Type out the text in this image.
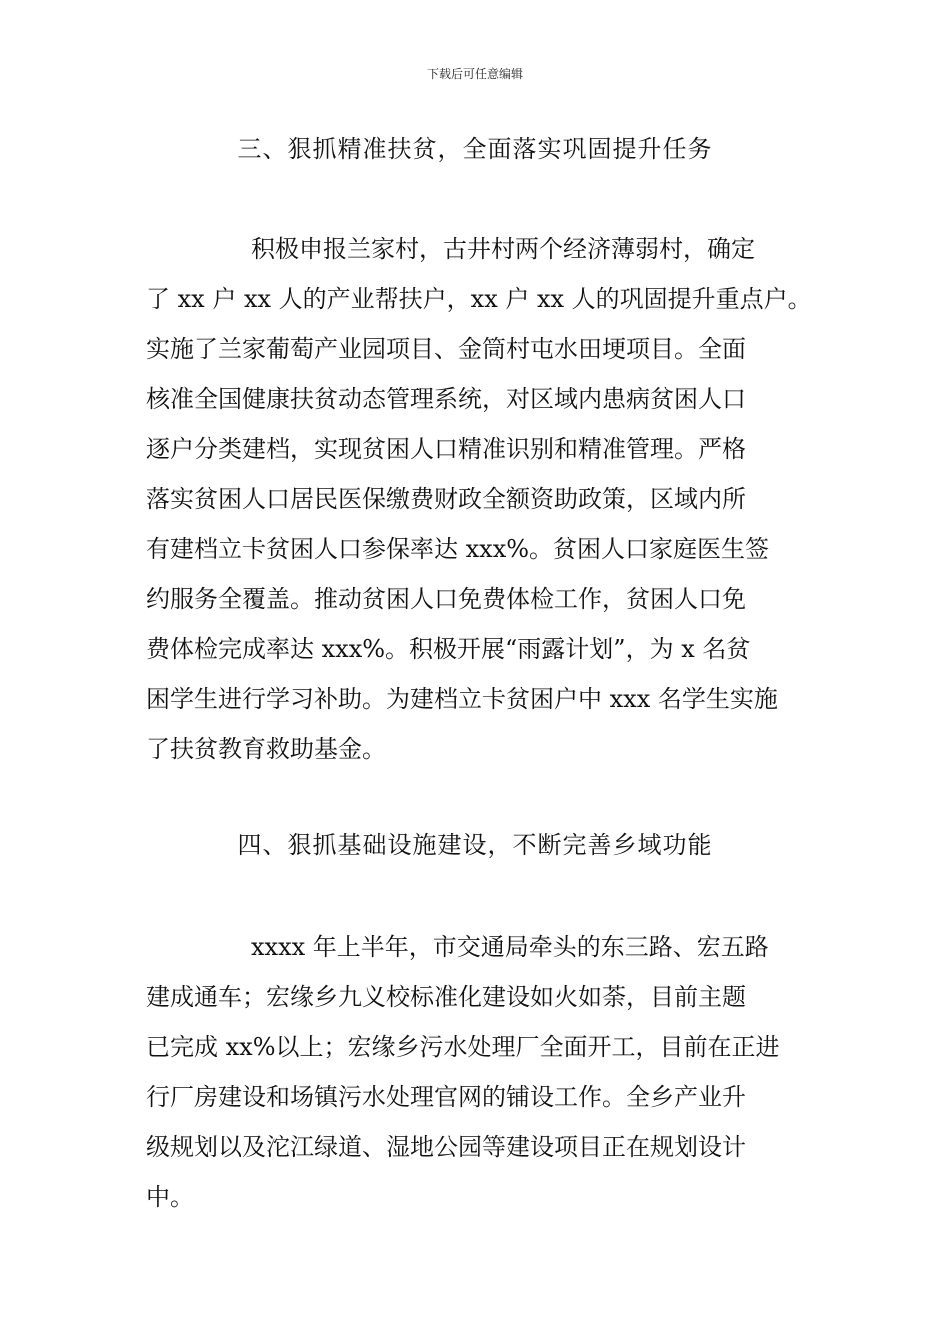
下载后可任意编辑
三、狠抓精准扶贫，全面落实巩固提升任务
积极申报兰家村，古井村两个经济薄弱村，确定
了 xx 户 xx 人的产业帮扶户，xx 户 xx 人的巩固提升重点户。
实施了兰家葡萄产业园项目、金筒村屯水田埂项目。全面
核准全国健康扶贫动态管理系统，对区域内患病贫困人口
逐户分类建档，实现贫困人口精准识别和精准管理。严格
落实贫困人口居民医保缴费财政全额资助政策，区域内所
有建档立卡贫困人口参保率达 xxx%。贫困人口家庭医生签
约服务全覆盖。推动贫困人口免费体检工作，贫困人口免
费体检完成率达 xxx%。积极开展“雨露计划”，为 x 名贫
困学生进行学习补助。为建档立卡贫困户中 xxx 名学生实施
了扶贫教育救助基金。
四、狠抓基础设施建设，不断完善乡域功能
xxxx 年上半年，市交通局牵头的东三路、宏五路
建成通车；宏缘乡九义校标准化建设如火如荼，目前主题
已完成 xx%以上；宏缘乡污水处理厂全面开工，目前在正进
行厂房建设和场镇污水处理官网的铺设工作。全乡产业升
级规划以及沱江绿道、湿地公园等建设项目正在规划设计
中。
